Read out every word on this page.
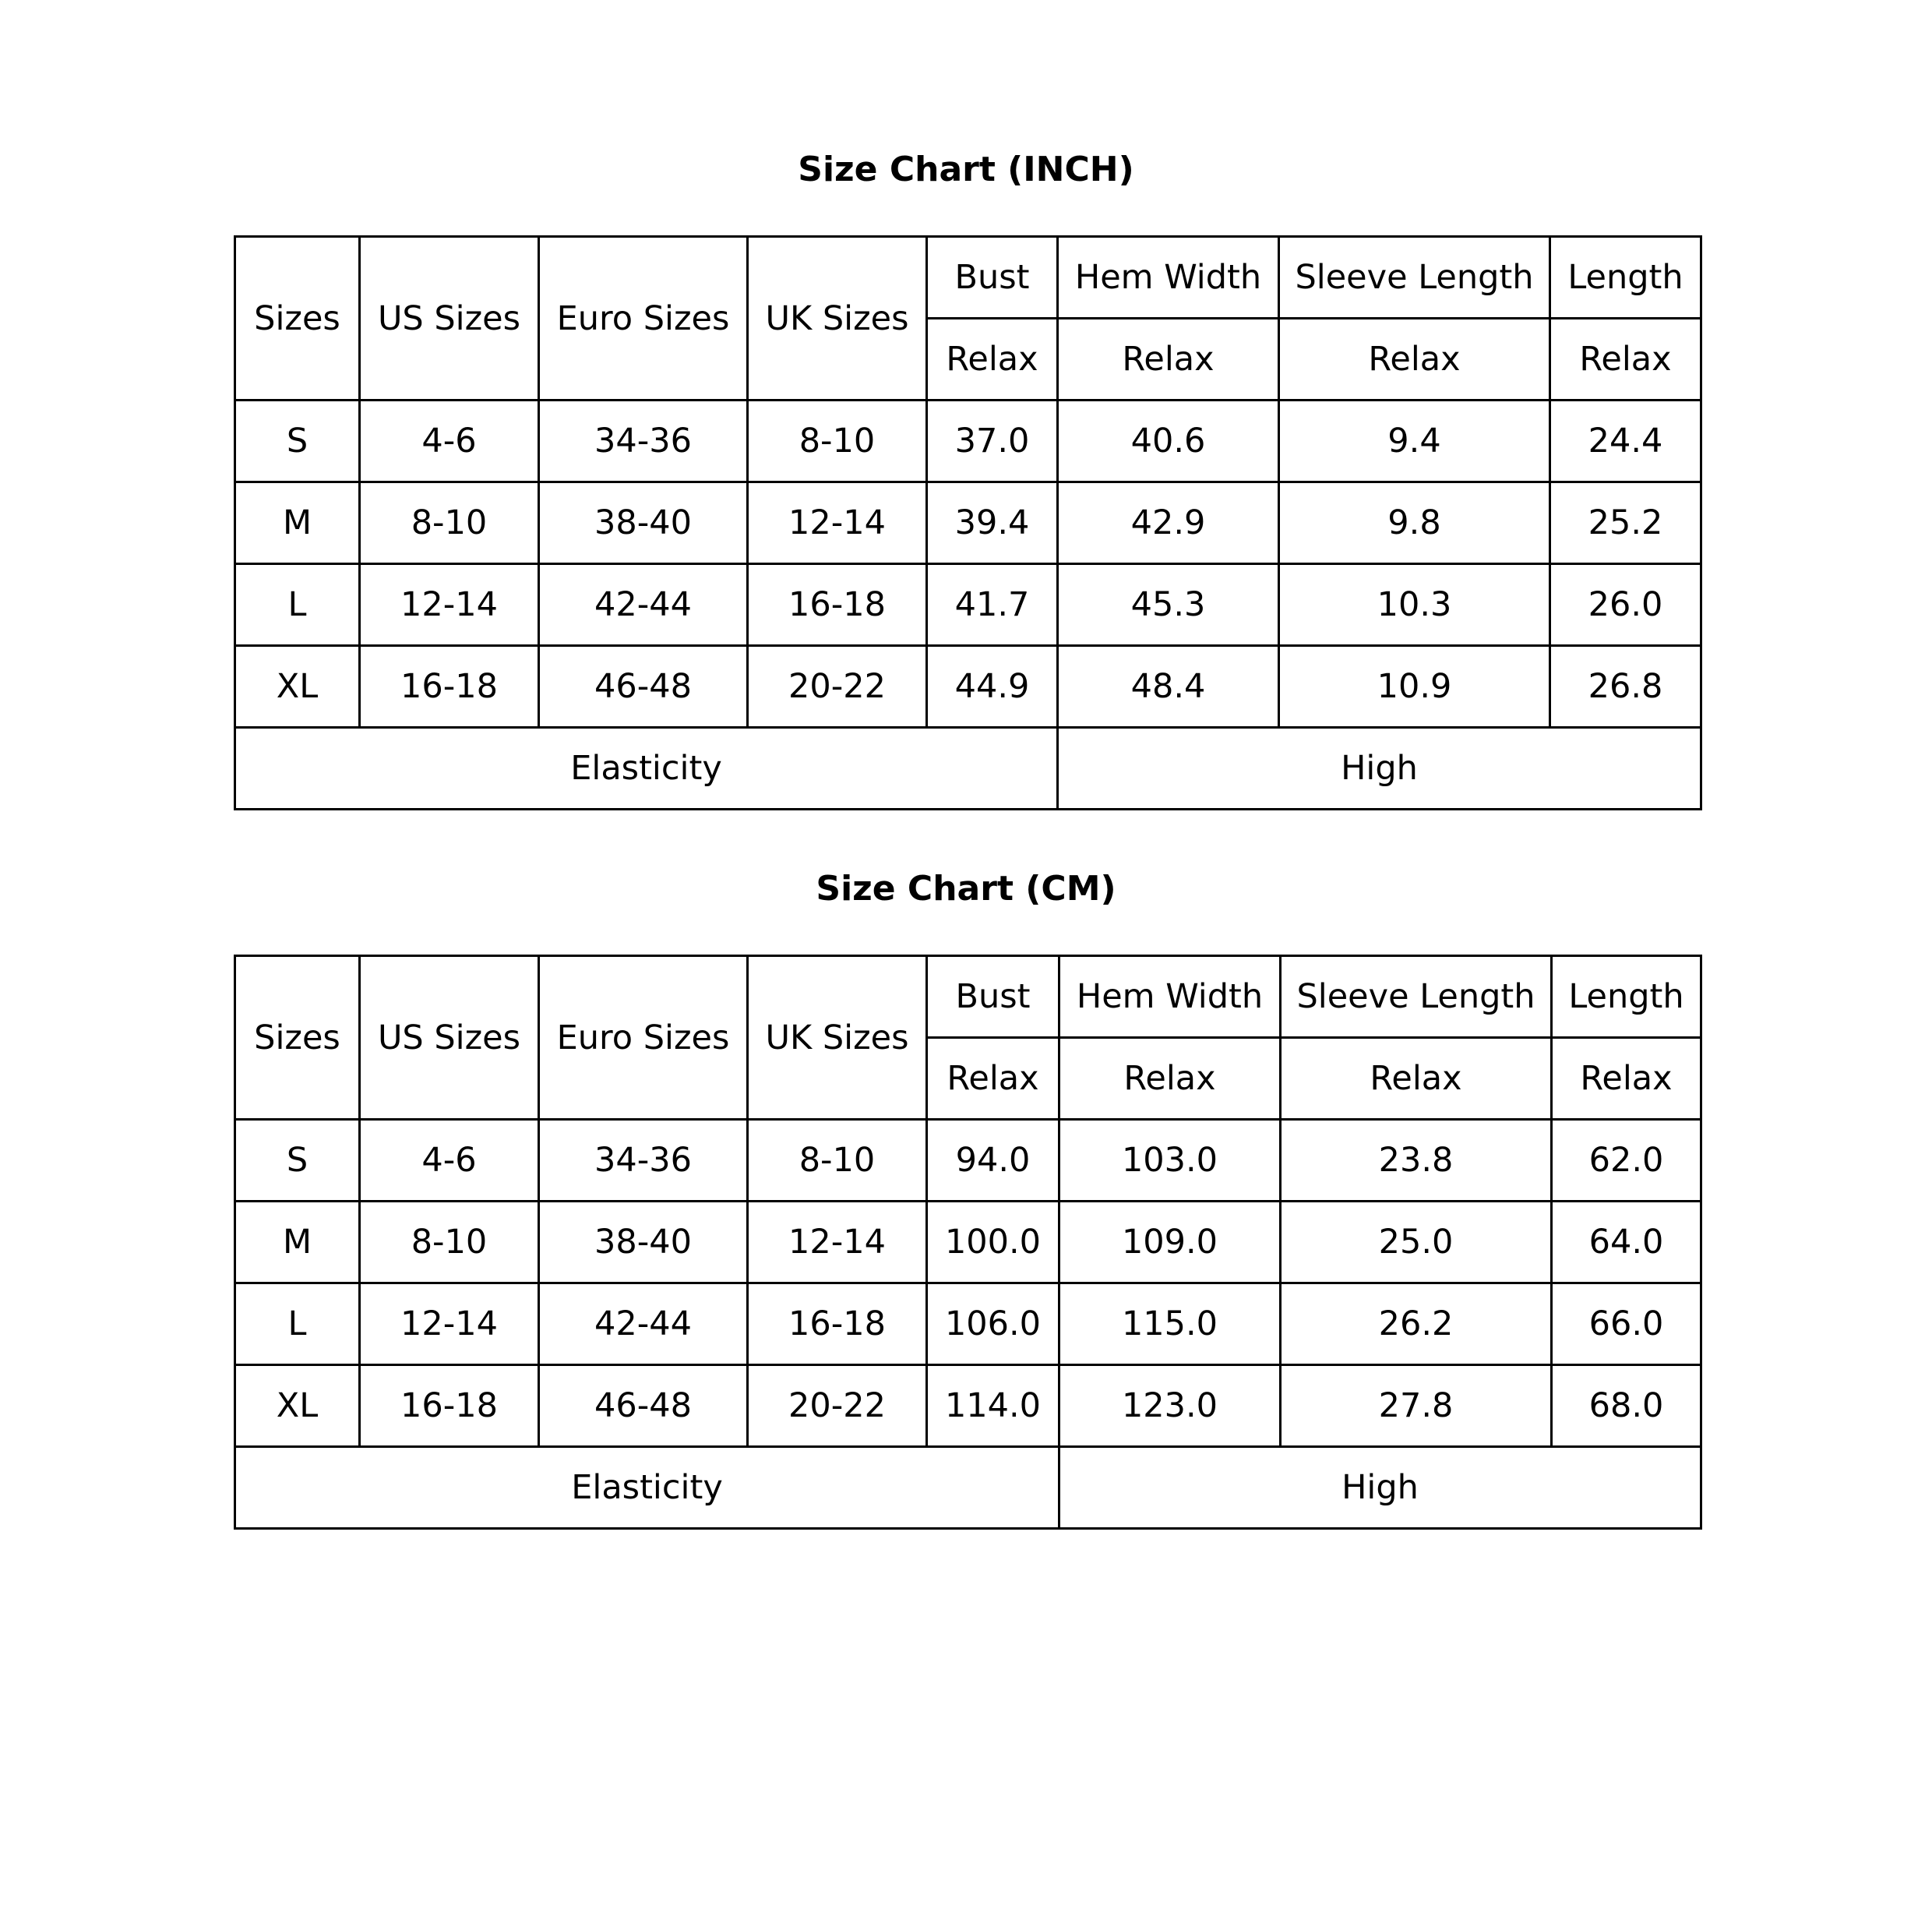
Size Chart (INCH)
Sizes	US Sizes	Euro Sizes	UK Sizes	Bust	Hem Width	Sleeve Length	Length
				Relax	Relax	Relax	Relax
S	4-6	34-36	8-10	37.0	40.6	9.4	24.4
M	8-10	38-40	12-14	39.4	42.9	9.8	25.2
L	12-14	42-44	16-18	41.7	45.3	10.3	26.0
XL	16-18	46-48	20-22	44.9	48.4	10.9	26.8
Elasticity					High		
Size Chart (CM)
Sizes	US Sizes	Euro Sizes	UK Sizes	Bust	Hem Width	Sleeve Length	Length
				Relax	Relax	Relax	Relax
S	4-6	34-36	8-10	94.0	103.0	23.8	62.0
M	8-10	38-40	12-14	100.0	109.0	25.0	64.0
L	12-14	42-44	16-18	106.0	115.0	26.2	66.0
XL	16-18	46-48	20-22	114.0	123.0	27.8	68.0
Elasticity					High		
